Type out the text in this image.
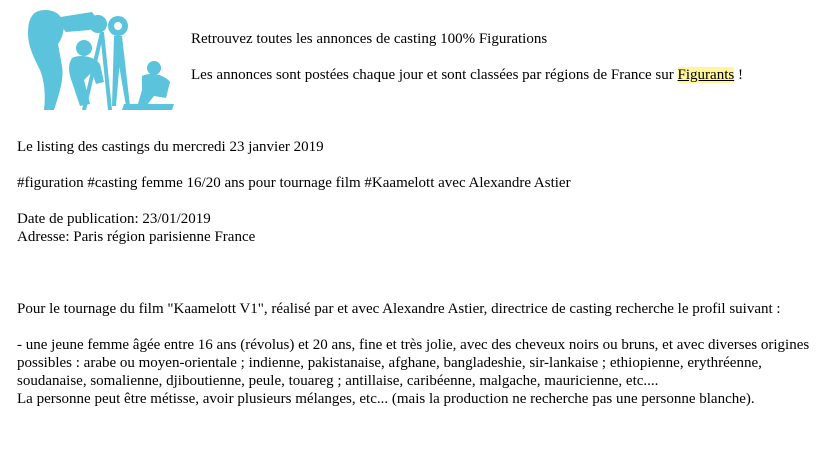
Retrouvez toutes les annonces de casting 100% Figurations

Les annonces sont postées chaque jour et sont classées par régions de France sur Figurants !

Le listing des castings du mercredi 23 janvier 2019

#figuration #casting femme 16/20 ans pour tournage film #Kaamelott avec Alexandre Astier

Date de publication: 23/01/2019

Adresse: Paris région parisienne France

Pour le tournage du film "Kaamelott V1", réalisé par et avec Alexandre Astier, directrice de casting recherche le profil suivant :

- une jeune femme âgée entre 16 ans (révolus) et 20 ans, fine et très jolie, avec des cheveux noirs ou bruns, et avec diverses origines possibles : arabe ou moyen-orientale ; indienne, pakistanaise, afghane, bangladeshie, sir-lankaise ; ethiopienne, erythréenne, soudanaise, somalienne, djiboutienne, peule, touareg ; antillaise, caribéenne, malgache, mauricienne, etc....

La personne peut être métisse, avoir plusieurs mélanges, etc... (mais la production ne recherche pas une personne blanche).
